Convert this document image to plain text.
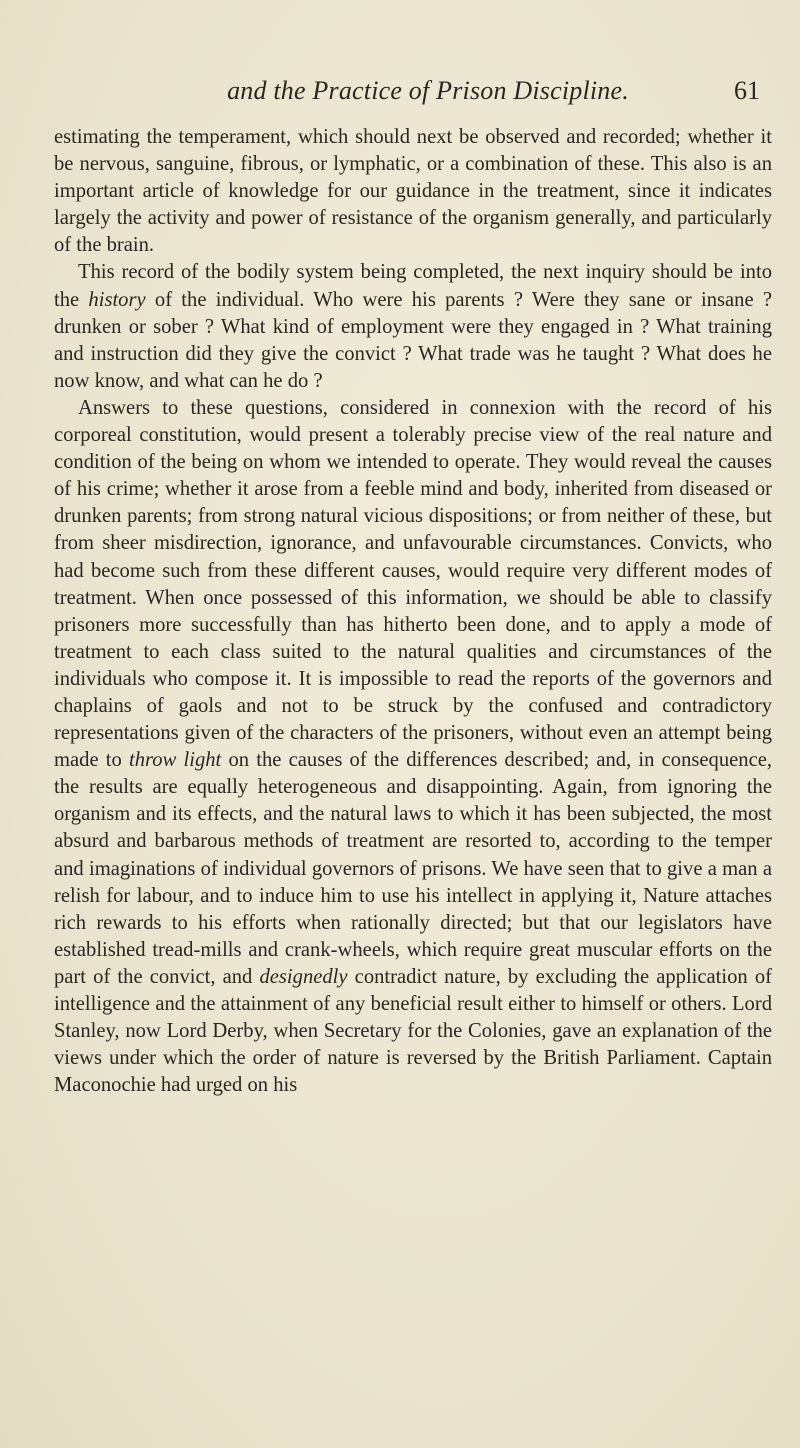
and the Practice of Prison Discipline.	61

estimating the temperament, which should next be observed and recorded; whether it be nervous, sanguine, fibrous, or lymphatic, or a combination of these. This also is an important article of knowledge for our guidance in the treatment, since it indicates largely the activity and power of resistance of the organism generally, and particularly of the brain.

This record of the bodily system being completed, the next inquiry should be into the history of the individual. Who were his parents ? Were they sane or insane ? drunken or sober ? What kind of employment were they engaged in ? What training and instruction did they give the convict ? What trade was he taught ? What does he now know, and what can he do ?

Answers to these questions, considered in connexion with the record of his corporeal constitution, would present a tolerably precise view of the real nature and condition of the being on whom we intended to operate. They would reveal the causes of his crime; whether it arose from a feeble mind and body, inherited from diseased or drunken parents; from strong natural vicious dispositions; or from neither of these, but from sheer misdirection, ignorance, and unfavourable circumstances. Convicts, who had become such from these different causes, would require very different modes of treatment. When once possessed of this information, we should be able to classify prisoners more successfully than has hitherto been done, and to apply a mode of treatment to each class suited to the natural qualities and circumstances of the individuals who compose it. It is impossible to read the reports of the governors and chaplains of gaols and not to be struck by the confused and contradictory representations given of the characters of the prisoners, without even an attempt being made to throw light on the causes of the differences described; and, in consequence, the results are equally heterogeneous and disappointing. Again, from ignoring the organism and its effects, and the natural laws to which it has been subjected, the most absurd and barbarous methods of treatment are resorted to, according to the temper and imaginations of individual governors of prisons. We have seen that to give a man a relish for labour, and to induce him to use his intellect in applying it, Nature attaches rich rewards to his efforts when rationally directed; but that our legislators have established tread-mills and crank-wheels, which require great muscular efforts on the part of the convict, and designedly contradict nature, by excluding the application of intelligence and the attainment of any beneficial result either to himself or others. Lord Stanley, now Lord Derby, when Secretary for the Colonies, gave an explanation of the views under which the order of nature is reversed by the British Parliament. Captain Maconochie had urged on his
